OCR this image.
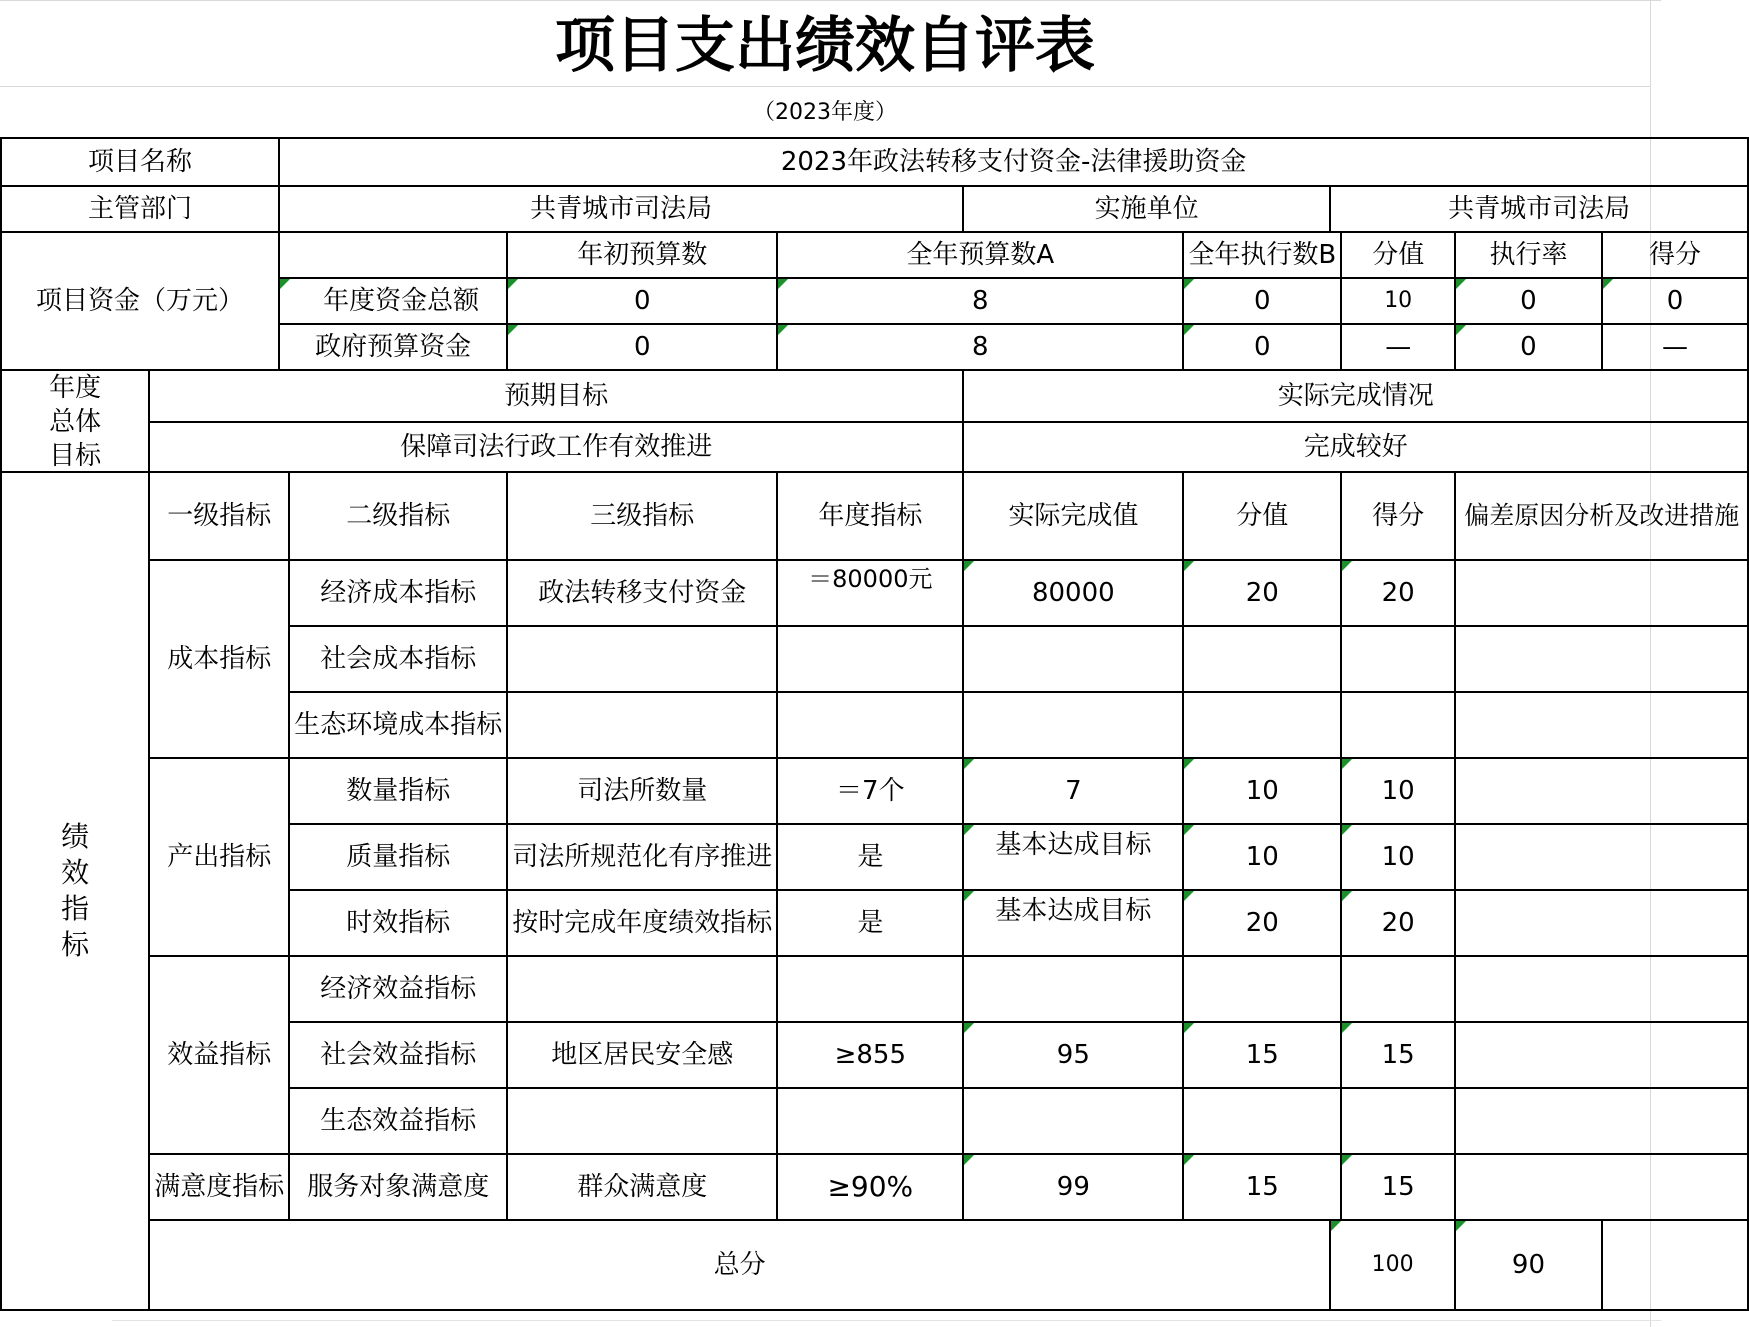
项目支出绩效自评表
（2023年度）
项目名称		2023年政法转移支付资金-法律援助资金									
主管部门		共青城市司法局				实施单位		共青城市司法局			
项目资金（万元）				年初预算数	全年预算数A		全年执行数B		分值	执行率	得分
		年度资金总额		0	8		0		10	0	0
		政府预算资金		0	8		0		—	0	—
年度总体目标	预期目标					实际完成情况					
	保障司法行政工作有效推进					完成较好					
绩效指标	一级指标		二级指标	三级指标	年度指标	实际完成值	分值		得分	偏差原因分析及改进措施	
	成本指标		经济成本指标	政法转移支付资金	＝80000元	80000	20		20		
			社会成本指标								
			生态环境成本指标								
	产出指标		数量指标	司法所数量	＝7个	7	10		10		
			质量指标	司法所规范化有序推进	是	基本达成目标	10		10		
			时效指标	按时完成年度绩效指标	是	基本达成目标	20		20		
	效益指标		经济效益指标								
			社会效益指标	地区居民安全感	≥855	95	15		15		
			生态效益指标								
	满意度指标		服务对象满意度	群众满意度	≥90%	99	15		15		
	总分							100		90	
